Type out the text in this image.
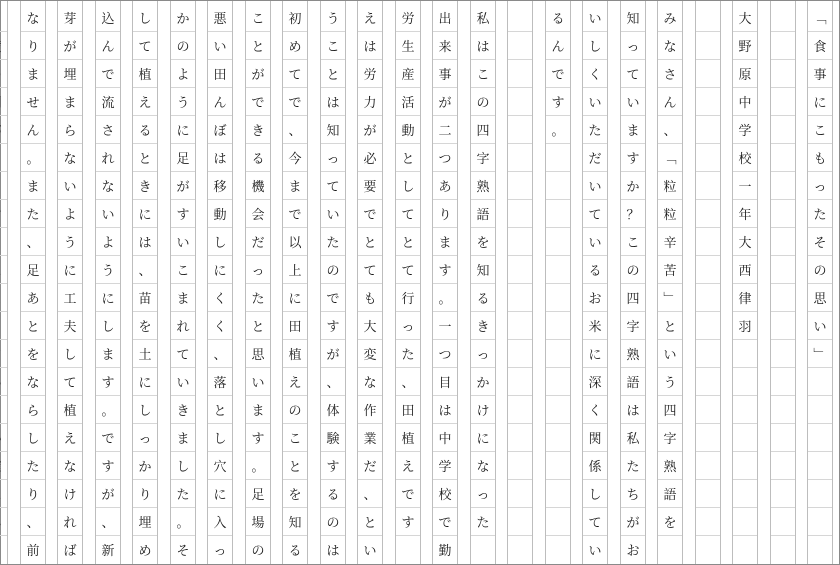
﹁
食
事
に
こ
も
っ
た
そ
の
思
い
﹂
大
野
原
中
学
校
一
年
大
西
律
羽
み
な
さ
ん
、
﹁
粒
粒
辛
苦
﹂
と
い
う
四
字
熟
語
を
知
っ
て
い
ま
す
か
？
こ
の
四
字
熟
語
は
私
た
ち
が
お
い
し
く
い
た
だ
い
て
い
る
お
米
に
深
く
関
係
し
て
い
る
ん
で
す
。
私
は
こ
の
四
字
熟
語
を
知
る
き
っ
か
け
に
な
っ
た
出
来
事
が
二
つ
あ
り
ま
す
。
一
つ
目
は
中
学
校
で
勤
労
生
産
活
動
と
し
て
と
て
行
っ
た
、
田
植
え
で
す
え
は
労
力
が
必
要
で
と
て
も
大
変
な
作
業
だ
、
と
い
う
こ
と
は
知
っ
て
い
た
の
で
す
が
、
体
験
す
る
の
は
初
め
て
で
、
今
ま
で
以
上
に
田
植
え
の
こ
と
を
知
る
こ
と
が
で
き
る
機
会
だ
っ
た
と
思
い
ま
す
。
足
場
の
悪
い
田
ん
ぼ
は
移
動
し
に
く
く
、
落
と
し
穴
に
入
っ
か
の
よ
う
に
足
が
す
い
こ
ま
れ
て
い
き
ま
し
た
。
そ
し
て
植
え
る
と
き
に
は
、
苗
を
土
に
し
っ
か
り
埋
め
込
ん
で
流
さ
れ
な
い
よ
う
に
し
ま
す
。
で
す
が
、
新
芽
が
埋
ま
ら
な
い
よ
う
に
工
夫
し
て
植
え
な
け
れ
ば
な
り
ま
せ
ん
。
ま
た
、
足
あ
と
を
な
ら
し
た
り
、
前
